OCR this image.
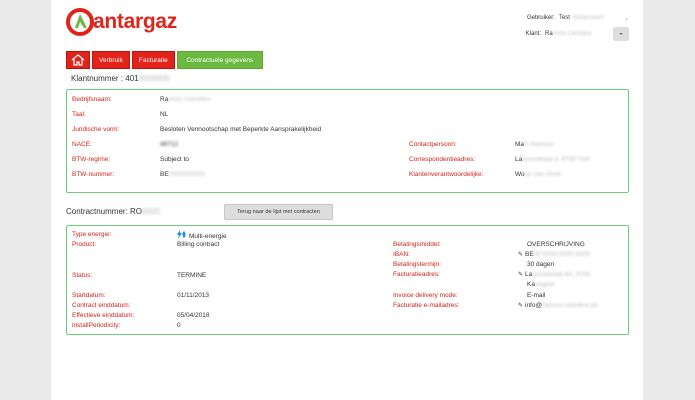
antargaz	Gebruiker: Test Testaccount	⌄
Klant: Rannox Cannière
Verbruik	Facturatie	Contractuele gegevens
Klantnummer : 4010000000
Bedrijfsnaam:	Rannox Cannière
Taal:	NL
Juridische vorm:	Besloten Vennootschap met Beperkte Aansprakelijkheid
NACE:	46712
BTW-regime:	Subject to
BTW-nummer:	BE0000000000
Contactpersoon:	Marc Rannox
Correspondentieadres:	Lannoxstraat 4, 8700 Tielt
Klantenverantwoordelijke:	Woter van Huck
Contractnummer: RO0000	Terug naar de lijst met contracten
Type energie:	Multi-energie
Product:	Billing contract
Status:	TERMINE
Startdatum:	01/11/2013
Contract einddatum:
Effectieve einddatum:	05/04/2018
installPeriodicity:	0
Betalingsmiddel:	OVERSCHRIJVING
IBAN:	✎ BE00 0000 0000 0000
Betalingstermijn:	30 dagen
Facturatieadres:	✎ Lannoxstraat 4A, 8700
Kanegem
Invoice delivery mode:	E-mail
Facturatie e-mailadres:	✎ info@rannox-cannière.be
